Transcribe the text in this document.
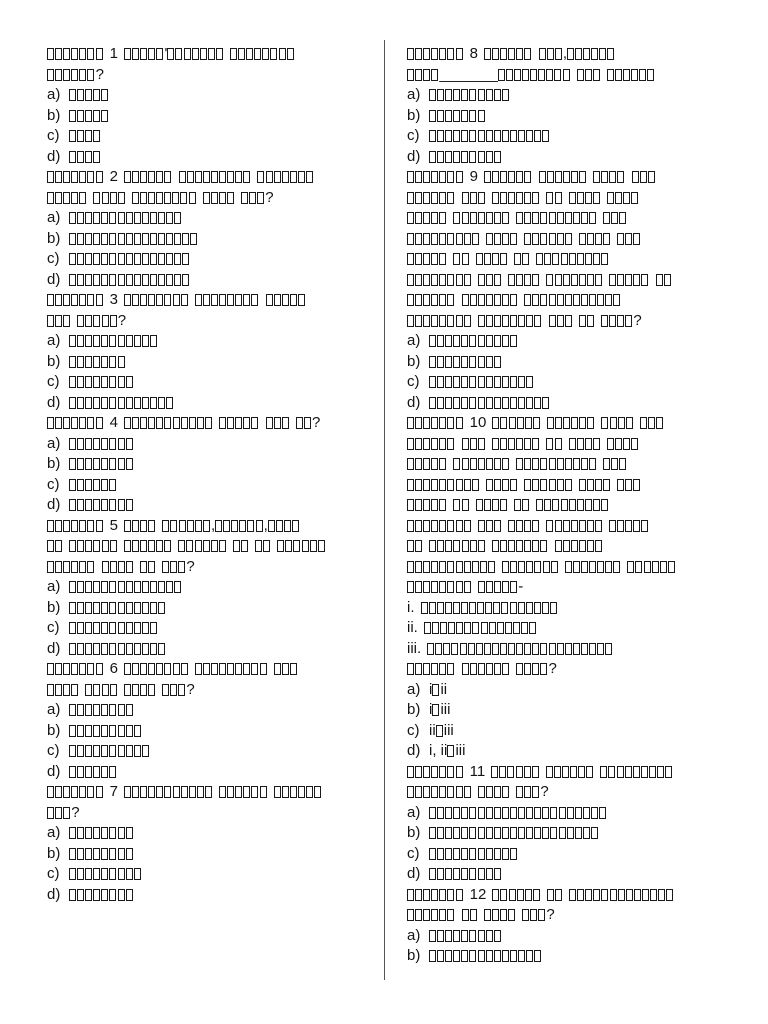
1	'
?
a)
b)
c)
d)
2
?
a)
b)
c)
d)
3
?
a)
b)
c)
d)
4	?
a)
b)
c)
d)
5	,	,
?
a)
b)
c)
d)
6
?
a)
b)
c)
d)
7
?
a)
b)
c)
d)
8	,
_______
a)
b)
c)
d)
9
?
a)
b)
c)
d)
10
-
i.
ii.
iii.
?
a) i ii
b) i iii
c) ii iii
d) i, ii iii
11
?
a)
b)
c)
d)
12
?
a)
b)
